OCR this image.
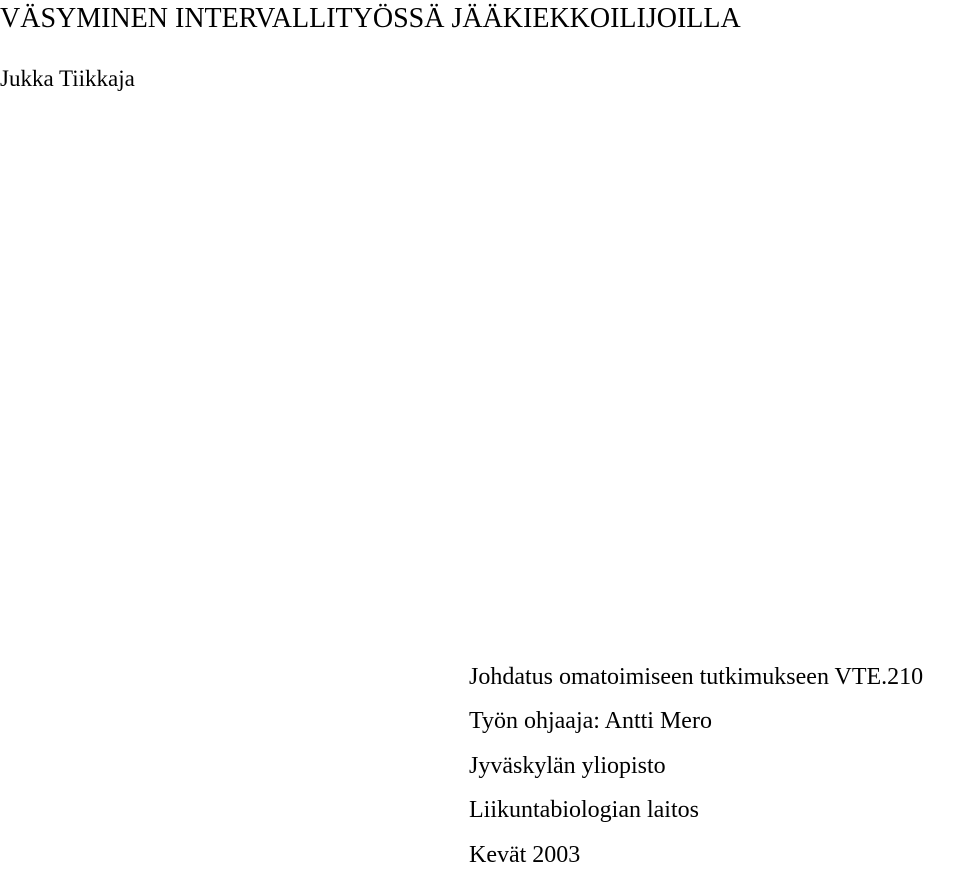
VÄSYMINEN INTERVALLITYÖSSÄ JÄÄKIEKKOILIJOILLA

Jukka Tiikkaja

Johdatus omatoimiseen tutkimukseen VTE.210

Työn ohjaaja: Antti Mero

Jyväskylän yliopisto

Liikuntabiologian laitos

Kevät 2003
